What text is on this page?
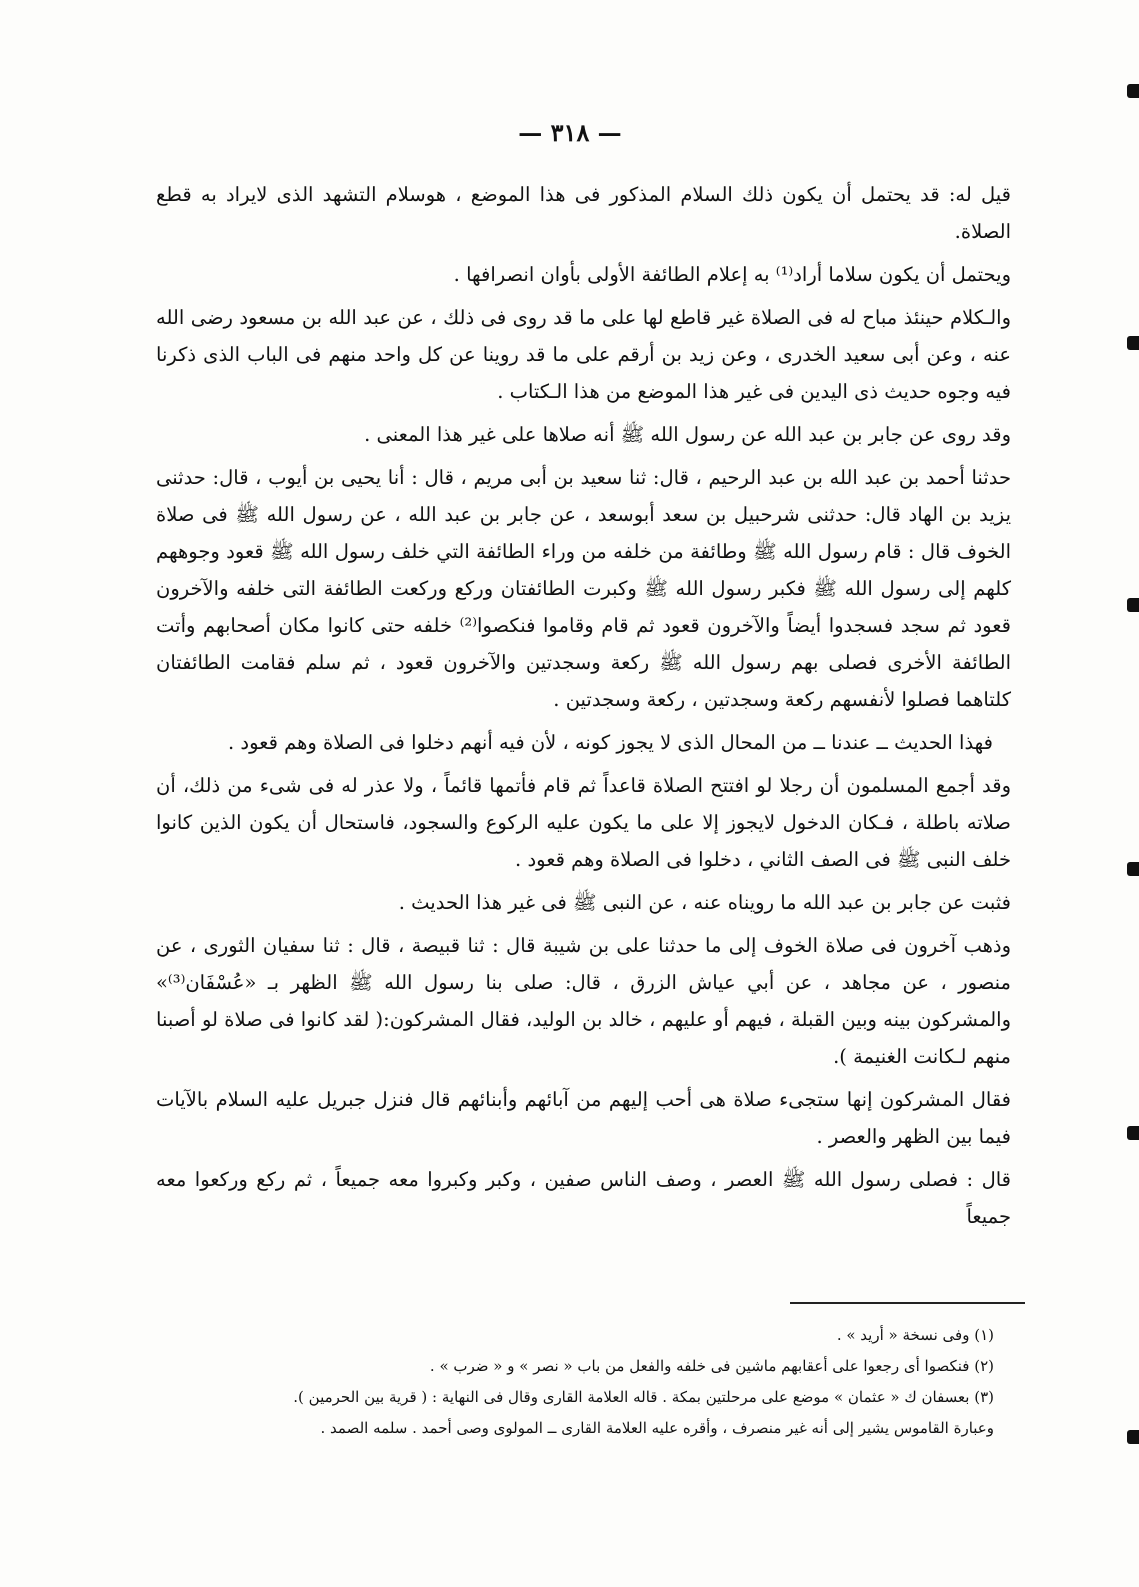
— ٣١٨ —

قيل له: قد يحتمل أن يكون ذلك السلام المذكور فى هذا الموضع ، هوسلام التشهد الذى لايراد به قطع الصلاة.

ويحتمل أن يكون سلاما أراد⁽¹⁾ به إعلام الطائفة الأولى بأوان انصرافها .

والـكلام حينئذ مباح له فى الصلاة غير قاطع لها على ما قد روى فى ذلك ، عن عبد الله بن مسعود رضى الله عنه ، وعن أبى سعيد الخدرى ، وعن زيد بن أرقم على ما قد روينا عن كل واحد منهم فى الباب الذى ذكرنا فيه وجوه حديث ذى اليدين فى غير هذا الموضع من هذا الـكتاب .

وقد روى عن جابر بن عبد الله عن رسول الله ﷺ أنه صلاها على غير هذا المعنى .

حدثنا أحمد بن عبد الله بن عبد الرحيم ، قال: ثنا سعيد بن أبى مريم ، قال : أنا يحيى بن أيوب ، قال: حدثنى يزيد بن الهاد قال: حدثنى شرحبيل بن سعد أبوسعد ، عن جابر بن عبد الله ، عن رسول الله ﷺ فى صلاة الخوف قال : قام رسول الله ﷺ وطائفة من خلفه من وراء الطائفة التي خلف رسول الله ﷺ قعود وجوههم كلهم إلى رسول الله ﷺ فكبر رسول الله ﷺ وكبرت الطائفتان وركع وركعت الطائفة التى خلفه والآخرون قعود ثم سجد فسجدوا أيضاً والآخرون قعود ثم قام وقاموا فنكصوا⁽²⁾ خلفه حتى كانوا مكان أصحابهم وأتت الطائفة الأخرى فصلى بهم رسول الله ﷺ ركعة وسجدتين والآخرون قعود ، ثم سلم فقامت الطائفتان كلتاهما فصلوا لأنفسهم ركعة وسجدتين ، ركعة وسجدتين .

فهذا الحديث ــ عندنا ــ من المحال الذى لا يجوز كونه ، لأن فيه أنهم دخلوا فى الصلاة وهم قعود .

وقد أجمع المسلمون أن رجلا لو افتتح الصلاة قاعداً ثم قام فأتمها قائماً ، ولا عذر له فى شىء من ذلك، أن صلاته باطلة ، فـكان الدخول لايجوز إلا على ما يكون عليه الركوع والسجود، فاستحال أن يكون الذين كانوا خلف النبى ﷺ فى الصف الثاني ، دخلوا فى الصلاة وهم قعود .

فثبت عن جابر بن عبد الله ما رويناه عنه ، عن النبى ﷺ فى غير هذا الحديث .

وذهب آخرون فى صلاة الخوف إلى ما حدثنا على بن شيبة قال : ثنا قبيصة ، قال : ثنا سفيان الثورى ، عن منصور ، عن مجاهد ، عن أبي عياش الزرق ، قال: صلى بنا رسول الله ﷺ الظهر بـ «عُسْفَان⁽³⁾» والمشركون بينه وبين القبلة ، فيهم أو عليهم ، خالد بن الوليد، فقال المشركون:( لقد كانوا فى صلاة لو أصبنا منهم لـكانت الغنيمة ).

فقال المشركون إنها ستجىء صلاة هى أحب إليهم من آبائهم وأبنائهم قال فنزل جبريل عليه السلام بالآيات فيما بين الظهر والعصر .

قال : فصلى رسول الله ﷺ العصر ، وصف الناس صفين ، وكبر وكبروا معه جميعاً ، ثم ركع وركعوا معه جميعاً

(١) وفى نسخة « أريد » .

(٢) فنكصوا أى رجعوا على أعقابهم ماشين فى خلفه والفعل من باب « نصر » و « ضرب » .

(٣) بعسفان ك « عثمان » موضع على مرحلتين بمكة . قاله العلامة القارى وقال فى النهاية : ( قرية بين الحرمين ).

وعبارة القاموس يشير إلى أنه غير منصرف ، وأقره عليه العلامة القارى ــ المولوى وصى أحمد . سلمه الصمد .
